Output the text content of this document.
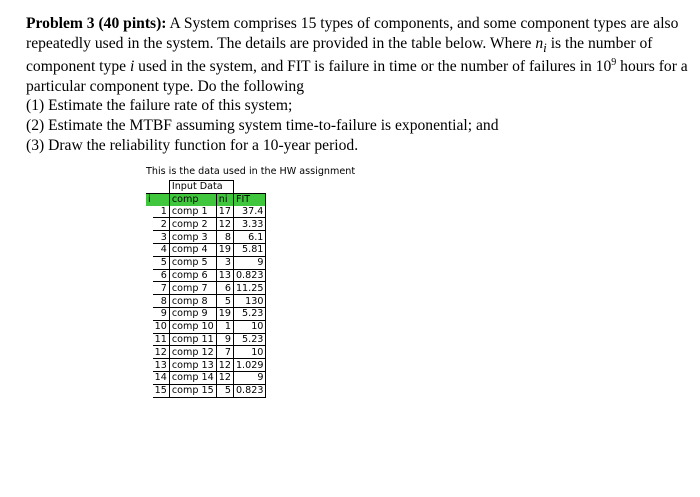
Problem 3 (40 pints): A System comprises 15 types of components, and some component types are also repeatedly used in the system. The details are provided in the table below. Where $n_i$ is the number of component type i used in the system, and FIT is failure in time or the number of failures in $10^9$ hours for a particular component type. Do the following

(1) Estimate the failure rate of this system;

(2) Estimate the MTBF assuming system time-to-failure is exponential; and

(3) Draw the reliability function for a 10-year period.

This is the data used in the HW assignment
		Input Data		
i		comp	ni	FIT
	1	comp 1	17	37.4
	2	comp 2	12	3.33
	3	comp 3	8	6.1
	4	comp 4	19	5.81
	5	comp 5	3	9
	6	comp 6	13	0.823
	7	comp 7	6	11.25
	8	comp 8	5	130
	9	comp 9	19	5.23
	10	comp 10	1	10
	11	comp 11	9	5.23
	12	comp 12	7	10
	13	comp 13	12	1.029
	14	comp 14	12	9
	15	comp 15	5	0.823
